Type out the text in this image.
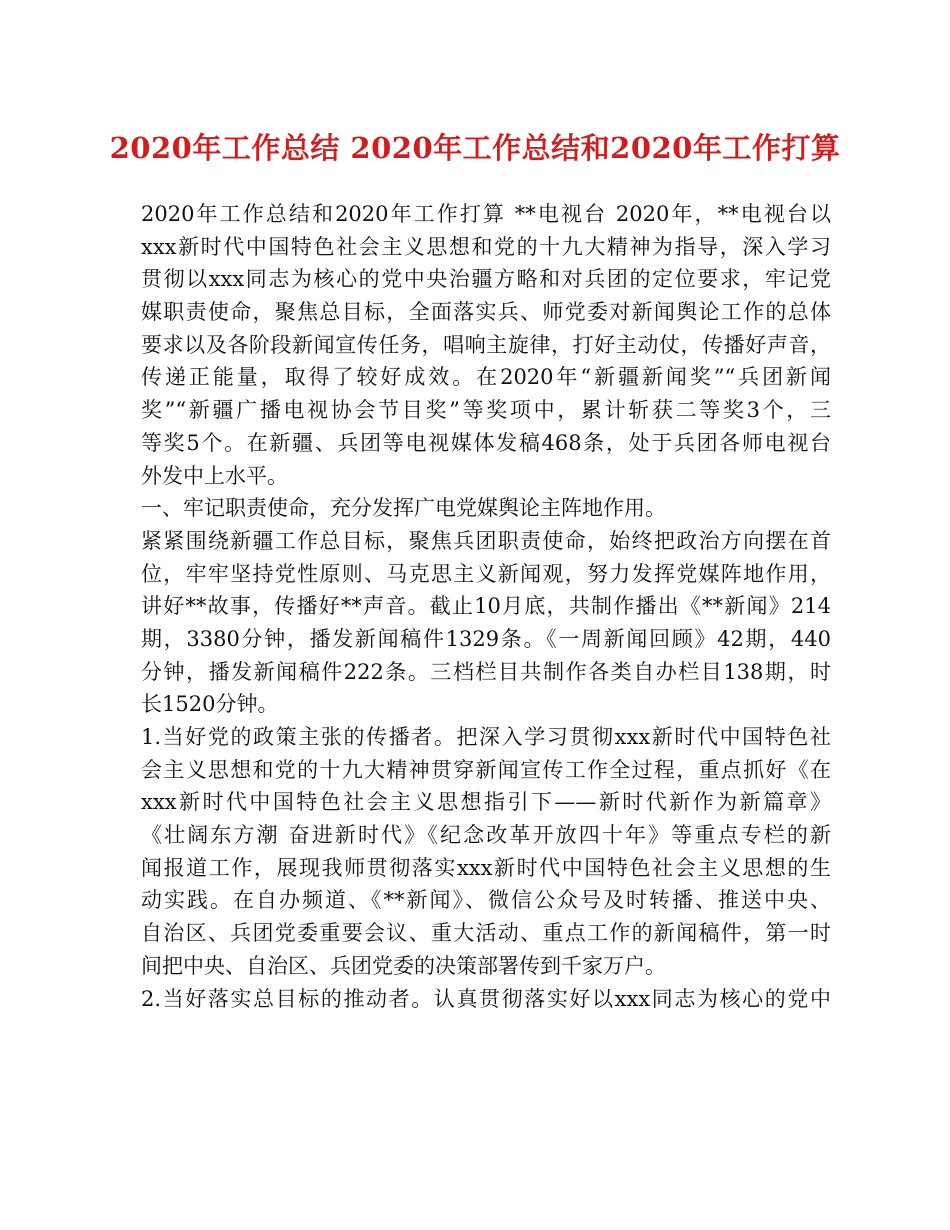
2020年工作总结 2020年工作总结和2020年工作打算
2020年工作总结和2020年工作打算 **电视台 2020年，**电视台以
xxx新时代中国特色社会主义思想和党的十九大精神为指导，深入学习
贯彻以xxx同志为核心的党中央治疆方略和对兵团的定位要求，牢记党
媒职责使命，聚焦总目标，全面落实兵、师党委对新闻舆论工作的总体
要求以及各阶段新闻宣传任务，唱响主旋律，打好主动仗，传播好声音，
传递正能量，取得了较好成效。在2020年“新疆新闻奖”“兵团新闻
奖”“新疆广播电视协会节目奖”等奖项中，累计斩获二等奖3个，三
等奖5个。在新疆、兵团等电视媒体发稿468条，处于兵团各师电视台
外发中上水平。
一、牢记职责使命，充分发挥广电党媒舆论主阵地作用。
紧紧围绕新疆工作总目标，聚焦兵团职责使命，始终把政治方向摆在首
位，牢牢坚持党性原则、马克思主义新闻观，努力发挥党媒阵地作用，
讲好**故事，传播好**声音。截止10月底，共制作播出《**新闻》214
期，3380分钟，播发新闻稿件1329条。《一周新闻回顾》42期，440
分钟，播发新闻稿件222条。三档栏目共制作各类自办栏目138期，时
长1520分钟。
1.当好党的政策主张的传播者。把深入学习贯彻xxx新时代中国特色社
会主义思想和党的十九大精神贯穿新闻宣传工作全过程，重点抓好《在
xxx新时代中国特色社会主义思想指引下——新时代新作为新篇章》
《壮阔东方潮 奋进新时代》《纪念改革开放四十年》等重点专栏的新
闻报道工作，展现我师贯彻落实xxx新时代中国特色社会主义思想的生
动实践。在自办频道、《**新闻》、微信公众号及时转播、推送中央、
自治区、兵团党委重要会议、重大活动、重点工作的新闻稿件，第一时
间把中央、自治区、兵团党委的决策部署传到千家万户。
2.当好落实总目标的推动者。认真贯彻落实好以xxx同志为核心的党中
